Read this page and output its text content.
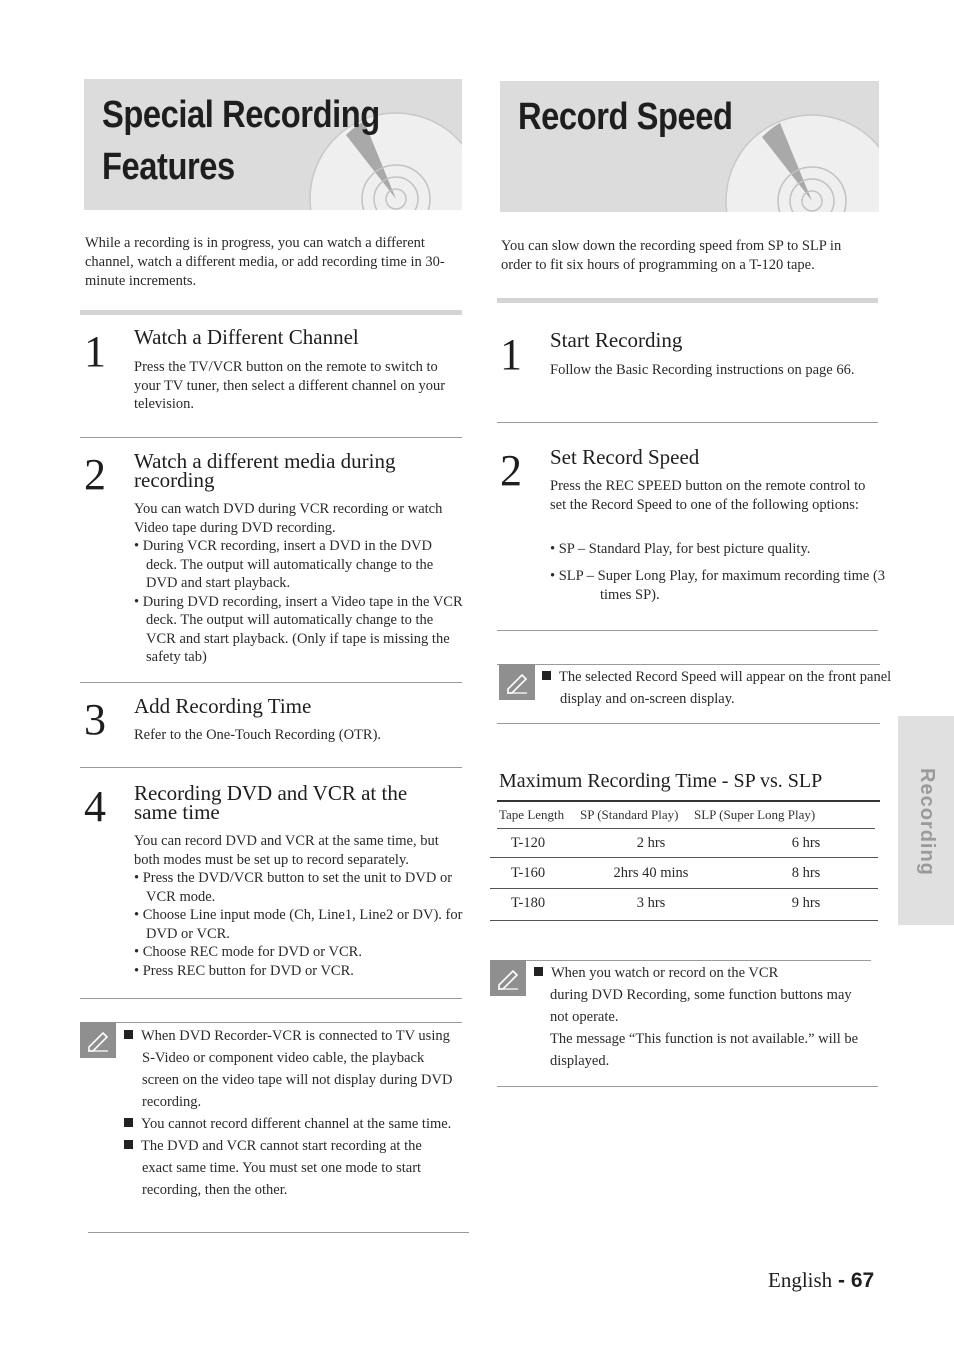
Special Recording
Features
While a recording is in progress, you can watch a different channel, watch a different media, or add recording time in 30-minute increments.
1 Watch a Different Channel
Press the TV/VCR button on the remote to switch to your TV tuner, then select a different channel on your television.
2 Watch a different media during
recording
You can watch DVD during VCR recording or watch Video tape during DVD recording.
• During VCR recording, insert a DVD in the DVD deck. The output will automatically change to the DVD and start playback.
• During DVD recording, insert a Video tape in the VCR deck. The output will automatically change to the VCR and start playback. (Only if tape is missing the safety tab)
3 Add Recording Time
Refer to the One-Touch Recording (OTR).
4 Recording DVD and VCR at the
same time
You can record DVD and VCR at the same time, but both modes must be set up to record separately.
• Press the DVD/VCR button to set the unit to DVD or VCR mode.
• Choose Line input mode (Ch, Line1, Line2 or DV). for DVD or VCR.
• Choose REC mode for DVD or VCR.
• Press REC button for DVD or VCR.
When DVD Recorder-VCR is connected to TV using S-Video or component video cable, the playback screen on the video tape will not display during DVD recording.
You cannot record different channel at the same time.
The DVD and VCR cannot start recording at the exact same time. You must set one mode to start recording, then the other.
Record Speed
You can slow down the recording speed from SP to SLP in order to fit six hours of programming on a T-120 tape.
1 Start Recording
Follow the Basic Recording instructions on page 66.
2 Set Record Speed
Press the REC SPEED button on the remote control to set the Record Speed to one of the following options:
• SP – Standard Play, for best picture quality.
• SLP – Super Long Play, for maximum recording time (3 times SP).
The selected Record Speed will appear on the front panel display and on-screen display.
Maximum Recording Time - SP vs. SLP
Tape Length SP (Standard Play) SLP (Super Long Play)
T-120	2 hrs	6 hrs
T-160	2hrs 40 mins	8 hrs
T-180	3 hrs	9 hrs
When you watch or record on the VCR
during DVD Recording, some function buttons may not operate.
The message “This function is not available.” will be displayed.
Recording
English - 67
